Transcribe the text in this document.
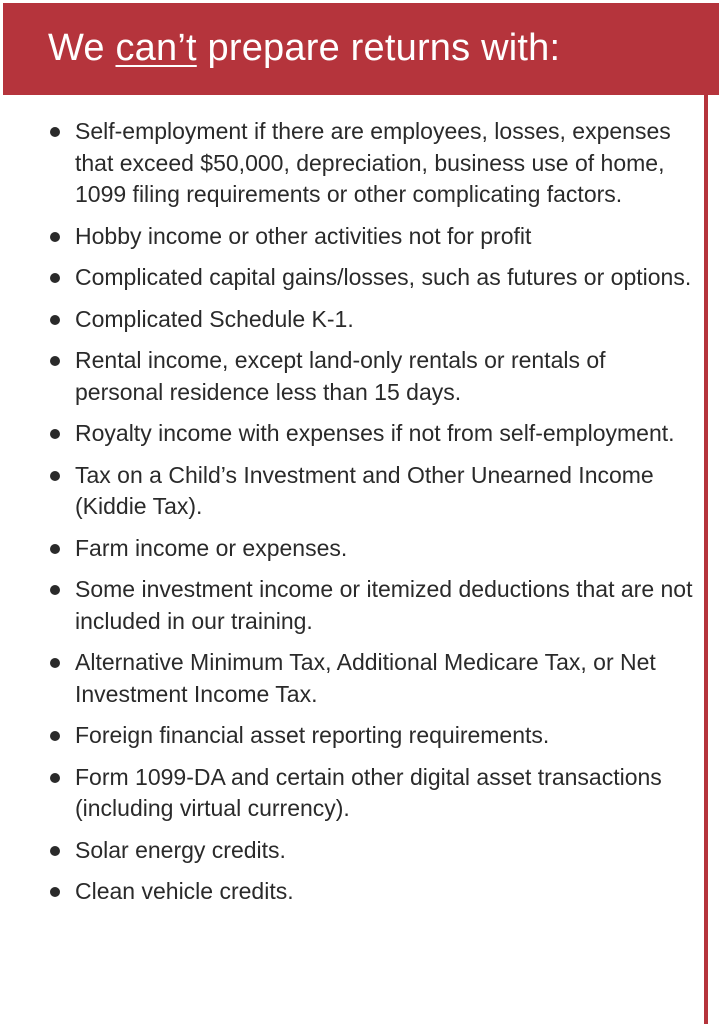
We can’t prepare returns with:
Self-employment if there are employees, losses, expenses that exceed $50,000, depreciation, business use of home, 1099 filing requirements or other complicating factors.
Hobby income or other activities not for profit
Complicated capital gains/losses, such as futures or options.
Complicated Schedule K-1.
Rental income, except land-only rentals or rentals of personal residence less than 15 days.
Royalty income with expenses if not from self-employment.
Tax on a Child’s Investment and Other Unearned Income (Kiddie Tax).
Farm income or expenses.
Some investment income or itemized deductions that are not included in our training.
Alternative Minimum Tax, Additional Medicare Tax, or Net Investment Income Tax.
Foreign financial asset reporting requirements.
Form 1099-DA and certain other digital asset transactions (including virtual currency).
Solar energy credits.
Clean vehicle credits.
